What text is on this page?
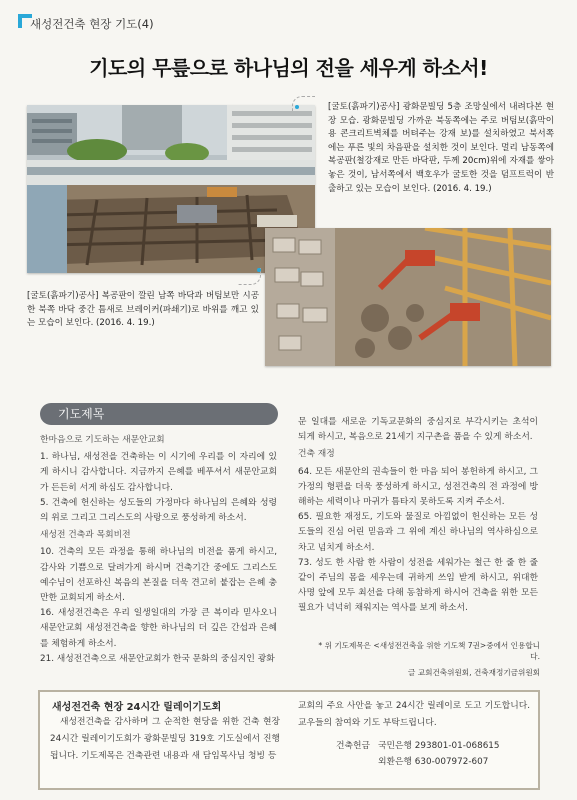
새성전건축 현장 기도(4)
기도의 무릎으로 하나님의 전을 세우게 하소서!
[굴토(흙파기)공사] 광화문빌딩 5층 조망실에서 내려다본 현장 모습. 광화문빌딩 가까운 북동쪽에는 주로 버팀보(흙막이용 콘크리트벽체를 버텨주는 강재 보)를 설치하였고 북서쪽에는 푸른 빛의 차음판을 설치한 것이 보인다. 멀리 남동쪽에 복공판(철강재로 만든 바닥판, 두께 20cm)위에 자재를 쌓아놓은 것이, 남서쪽에서 백호우가 굴토한 것을 덤프트럭이 반출하고 있는 모습이 보인다. (2016. 4. 19.)
[굴토(흙파기)공사] 복공판이 깔린 남쪽 바닥과 버팀보만 시공한 북쪽 바닥 중간 틈새로 브레이커(파쇄기)로 바위를 깨고 있는 모습이 보인다. (2016. 4. 19.)
기도제목

한마음으로 기도하는 새문안교회

1. 하나님, 새성전을 건축하는 이 시기에 우리를 이 자리에 있게 하시니 감사합니다. 지금까지 은혜를 베푸셔서 새문안교회가 든든히 서게 하심도 감사합니다.

5. 건축에 헌신하는 성도들의 가정마다 하나님의 은혜와 성령의 위로 그리고 그리스도의 사랑으로 풍성하게 하소서.

새성전 건축과 목회비전

10. 건축의 모든 과정을 통해 하나님의 비전을 품게 하시고, 감사와 기쁨으로 달려가게 하시며 건축기간 중에도 그리스도 예수님이 선포하신 복음의 본질을 더욱 견고히 붙잡는 은혜 충만한 교회되게 하소서.

16. 새성전건축은 우리 일생일대의 가장 큰 복이라 믿사오니 새문안교회 새성전건축을 향한 하나님의 더 깊은 간섭과 은혜를 체험하게 하소서.

21. 새성전건축으로 새문안교회가 한국 문화의 중심지인 광화

문 일대를 새로운 기독교문화의 중심지로 부각시키는 초석이 되게 하시고, 복음으로 21세기 지구촌을 품을 수 있게 하소서.

건축 재정

64. 모든 새문안의 권속들이 한 마음 되어 봉헌하게 하시고, 그 가정의 형편을 더욱 풍성하게 하시고, 성전건축의 전 과정에 방해하는 세력이나 마귀가 틈타지 못하도록 지켜 주소서.

65. 필요한 재정도, 기도와 물질로 아낌없이 헌신하는 모든 성도들의 진심 어린 믿음과 그 위에 계신 하나님의 역사하심으로 차고 넘치게 하소서.

73. 성도 한 사람 한 사람이 성전을 세워가는 철근 한 줄 한 줄 같이 주님의 몸을 세우는데 귀하게 쓰임 받게 하시고, 위대한 사명 앞에 모두 최선을 다해 동참하게 하시어 건축을 위한 모든 필요가 넉넉히 채워지는 역사를 보게 하소서.

* 위 기도제목은 <새성전건축을 위한 기도책 7권>중에서 인용합니다.
글 교회건축위원회, 건축재정기금위원회
새성전건축 현장 24시간 릴레이기도회
새성전건축을 감사하며 그 순적한 현당을 위한 건축 현장 24시간 릴레이기도회가 광화문빌딩 319호 기도실에서 진행됩니다. 기도제목은 건축관련 내용과 새 담임목사님 청빙 등
교회의 주요 사안을 놓고 24시간 릴레이로 도고 기도합니다. 교우들의 참여와 기도 부탁드립니다.
건축헌금 국민은행 293801-01-068615
외환은행 630-007972-607
